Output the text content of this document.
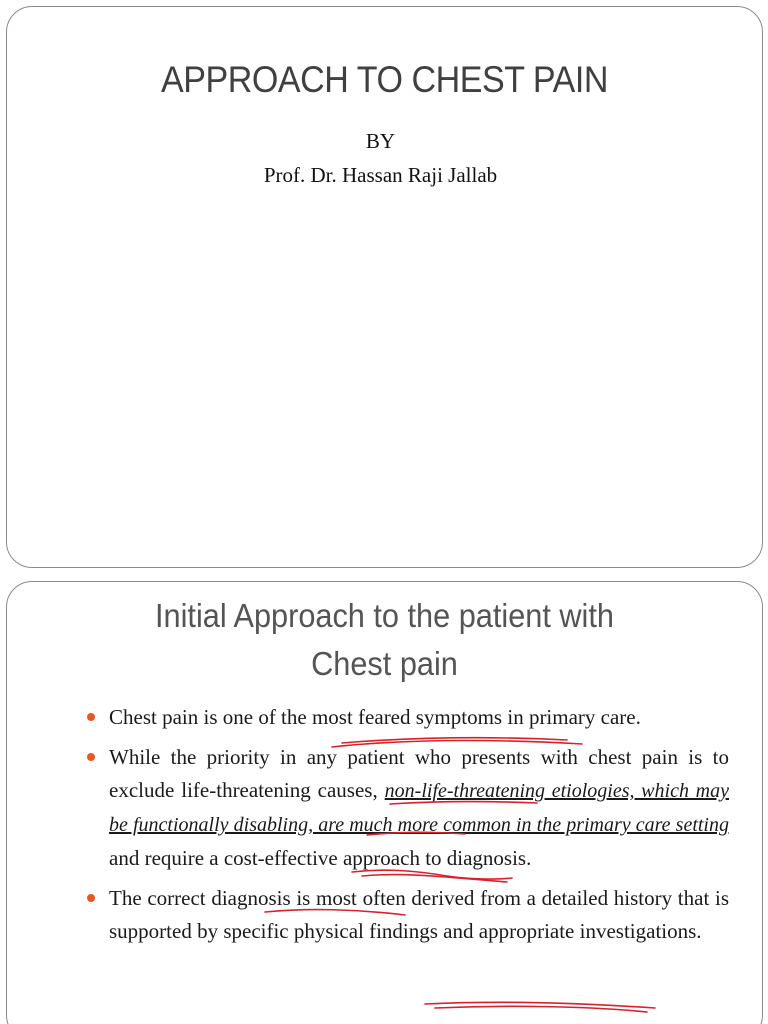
APPROACH TO CHEST PAIN
BY
Prof. Dr. Hassan Raji Jallab
Initial Approach to the patient with
Chest pain
Chest pain is one of the most feared symptoms in primary care.
While the priority in any patient who presents with chest pain is to exclude life-threatening causes, non-life-threatening etiologies, which may be functionally disabling, are much more common in the primary care setting and require a cost-effective approach to diagnosis.
The correct diagnosis is most often derived from a detailed history that is supported by specific physical findings and appropriate investigations.
